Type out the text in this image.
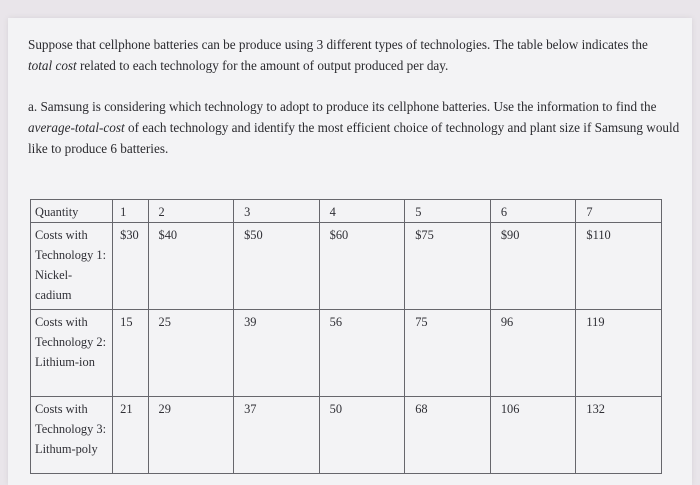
Suppose that cellphone batteries can be produce using 3 different types of technologies. The table below indicates the total cost related to each technology for the amount of output produced per day.

a. Samsung is considering which technology to adopt to produce its cellphone batteries. Use the information to find the average-total-cost of each technology and identify the most efficient choice of technology and plant size if Samsung would like to produce 6 batteries.

Quantity	1	2	3	4	5	6	7
Costs with Technology 1: Nickel-cadium	$30	$40	$50	$60	$75	$90	$110
Costs with Technology 2: Lithium-ion	15	25	39	56	75	96	119
Costs with Technology 3: Lithum-poly	21	29	37	50	68	106	132
